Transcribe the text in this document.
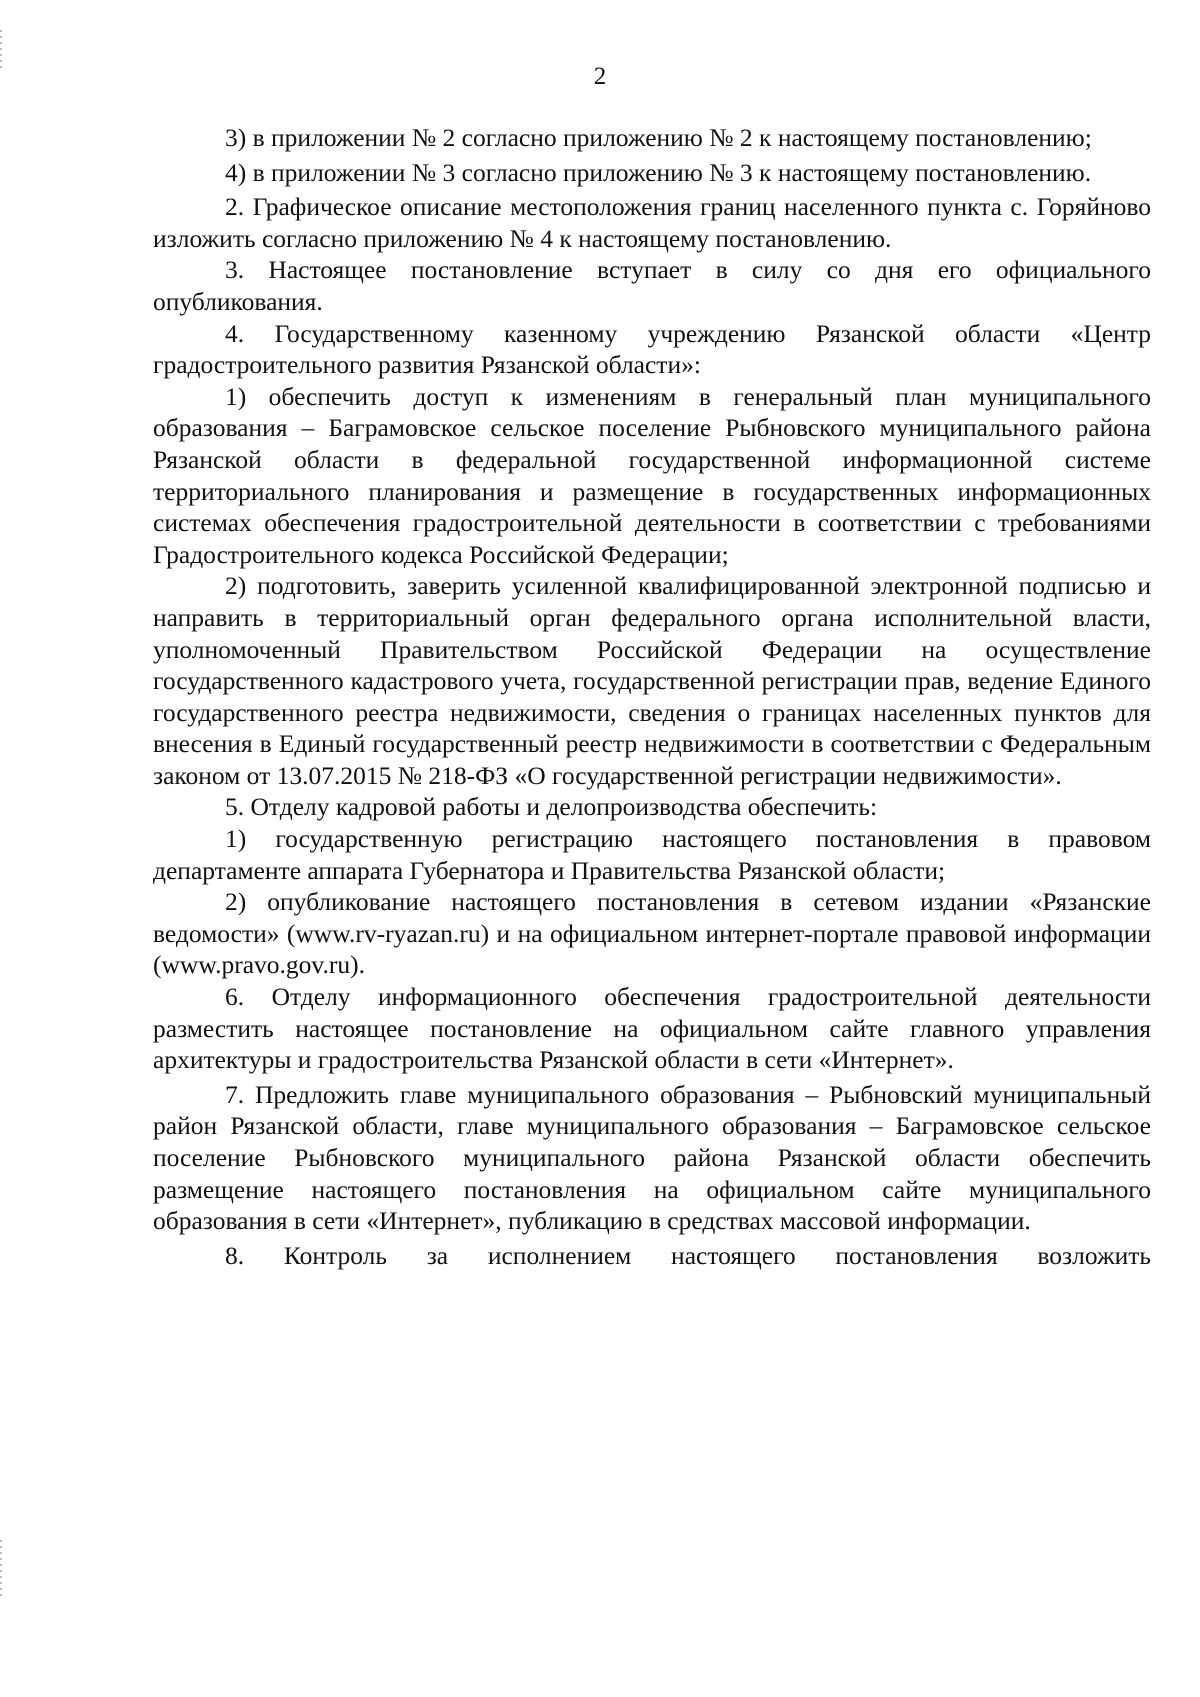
2

3) в приложении № 2 согласно приложению № 2 к настоящему постановлению;

4) в приложении № 3 согласно приложению № 3 к настоящему постановлению.

2. Графическое описание местоположения границ населенного пункта с. Горяйново изложить согласно приложению № 4 к настоящему постановлению.

3. Настоящее постановление вступает в силу со дня его официального опубликования.

4. Государственному казенному учреждению Рязанской области «Центр градостроительного развития Рязанской области»:

1) обеспечить доступ к изменениям в генеральный план муниципального образования – Баграмовское сельское поселение Рыбновского муниципального района Рязанской области в федеральной государственной информационной системе территориального планирования и размещение в государственных информационных системах обеспечения градостроительной деятельности в соответствии с требованиями Градостроительного кодекса Российской Федерации;

2) подготовить, заверить усиленной квалифицированной электронной подписью и направить в территориальный орган федерального органа исполнительной власти, уполномоченный Правительством Российской Федерации на осуществление государственного кадастрового учета, государственной регистрации прав, ведение Единого государственного реестра недвижимости, сведения о границах населенных пунктов для внесения в Единый государственный реестр недвижимости в соответствии с Федеральным законом от 13.07.2015 № 218-ФЗ «О государственной регистрации недвижимости».

5. Отделу кадровой работы и делопроизводства обеспечить:

1) государственную регистрацию настоящего постановления в правовом департаменте аппарата Губернатора и Правительства Рязанской области;

2) опубликование настоящего постановления в сетевом издании «Рязанские ведомости» (www.rv-ryazan.ru) и на официальном интернет-портале правовой информации (www.pravo.gov.ru).

6. Отделу информационного обеспечения градостроительной деятельности разместить настоящее постановление на официальном сайте главного управления архитектуры и градостроительства Рязанской области в сети «Интернет».

7. Предложить главе муниципального образования – Рыбновский муниципальный район Рязанской области, главе муниципального образования – Баграмовское сельское поселение Рыбновского муниципального района Рязанской области обеспечить размещение настоящего постановления на официальном сайте муниципального образования в сети «Интернет», публикацию в средствах массовой информации.

8. Контроль за исполнением настоящего постановления возложить
